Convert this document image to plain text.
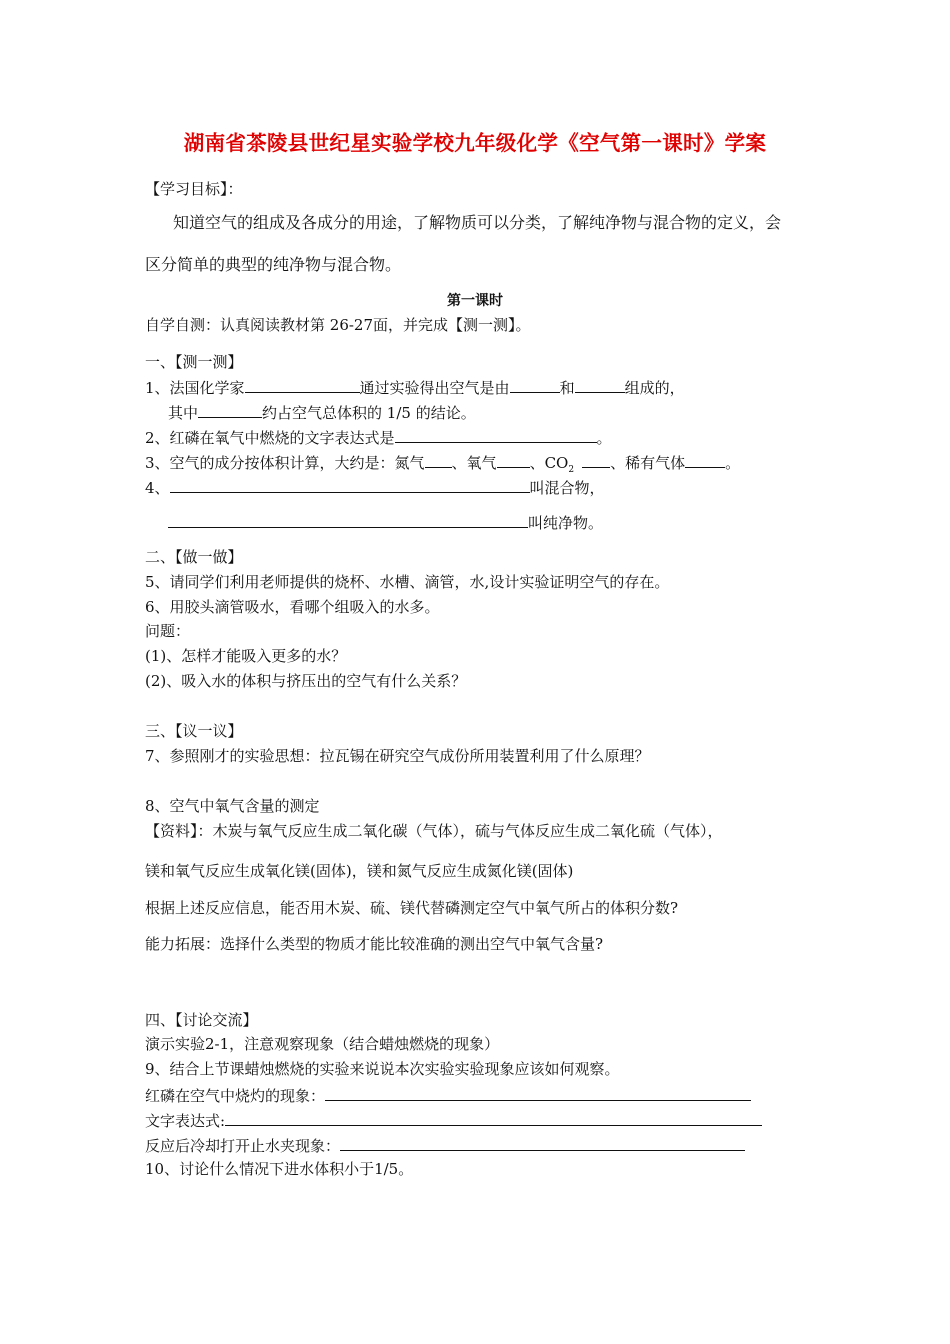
湖南省茶陵县世纪星实验学校九年级化学《空气第一课时》学案
【学习目标】：
知道空气的组成及各成分的用途，了解物质可以分类，了解纯净物与混合物的定义，会
区分简单的典型的纯净物与混合物。
第一课时
自学自测：认真阅读教材第 26-27面，并完成【测一测】。
一、【测一测】
1、法国化学家	通过实验得出空气是由	和	组成的，
其中	约占空气总体积的 1/5 的结论。
2、红磷在氧气中燃烧的文字表达式是	。
3、空气的成分按体积计算，大约是：氮气 、氧气 、$CO_2$ 、稀有气体	。
4、	叫混合物，
叫纯净物。
二、【做一做】
5、请同学们利用老师提供的烧杯、水槽、滴管，水,设计实验证明空气的存在。
6、用胶头滴管吸水，看哪个组吸入的水多。
问题：
(1)、怎样才能吸入更多的水？
(2)、吸入水的体积与挤压出的空气有什么关系？
三、【议一议】
7、参照刚才的实验思想：拉瓦锡在研究空气成份所用装置利用了什么原理？
8、空气中氧气含量的测定
【资料】：木炭与氧气反应生成二氧化碳（气体），硫与气体反应生成二氧化硫（气体），
镁和氧气反应生成氧化镁(固体)，镁和氮气反应生成氮化镁(固体)
根据上述反应信息，能否用木炭、硫、镁代替磷测定空气中氧气所占的体积分数?
能力拓展：选择什么类型的物质才能比较准确的测出空气中氧气含量?
四、【讨论交流】
演示实验2-1，注意观察现象（结合蜡烛燃烧的现象）
9、结合上节课蜡烛燃烧的实验来说说本次实验实验现象应该如何观察。
红磷在空气中烧灼的现象：
文字表达式:
反应后冷却打开止水夹现象：
10、讨论什么情况下进水体积小于1/5。
